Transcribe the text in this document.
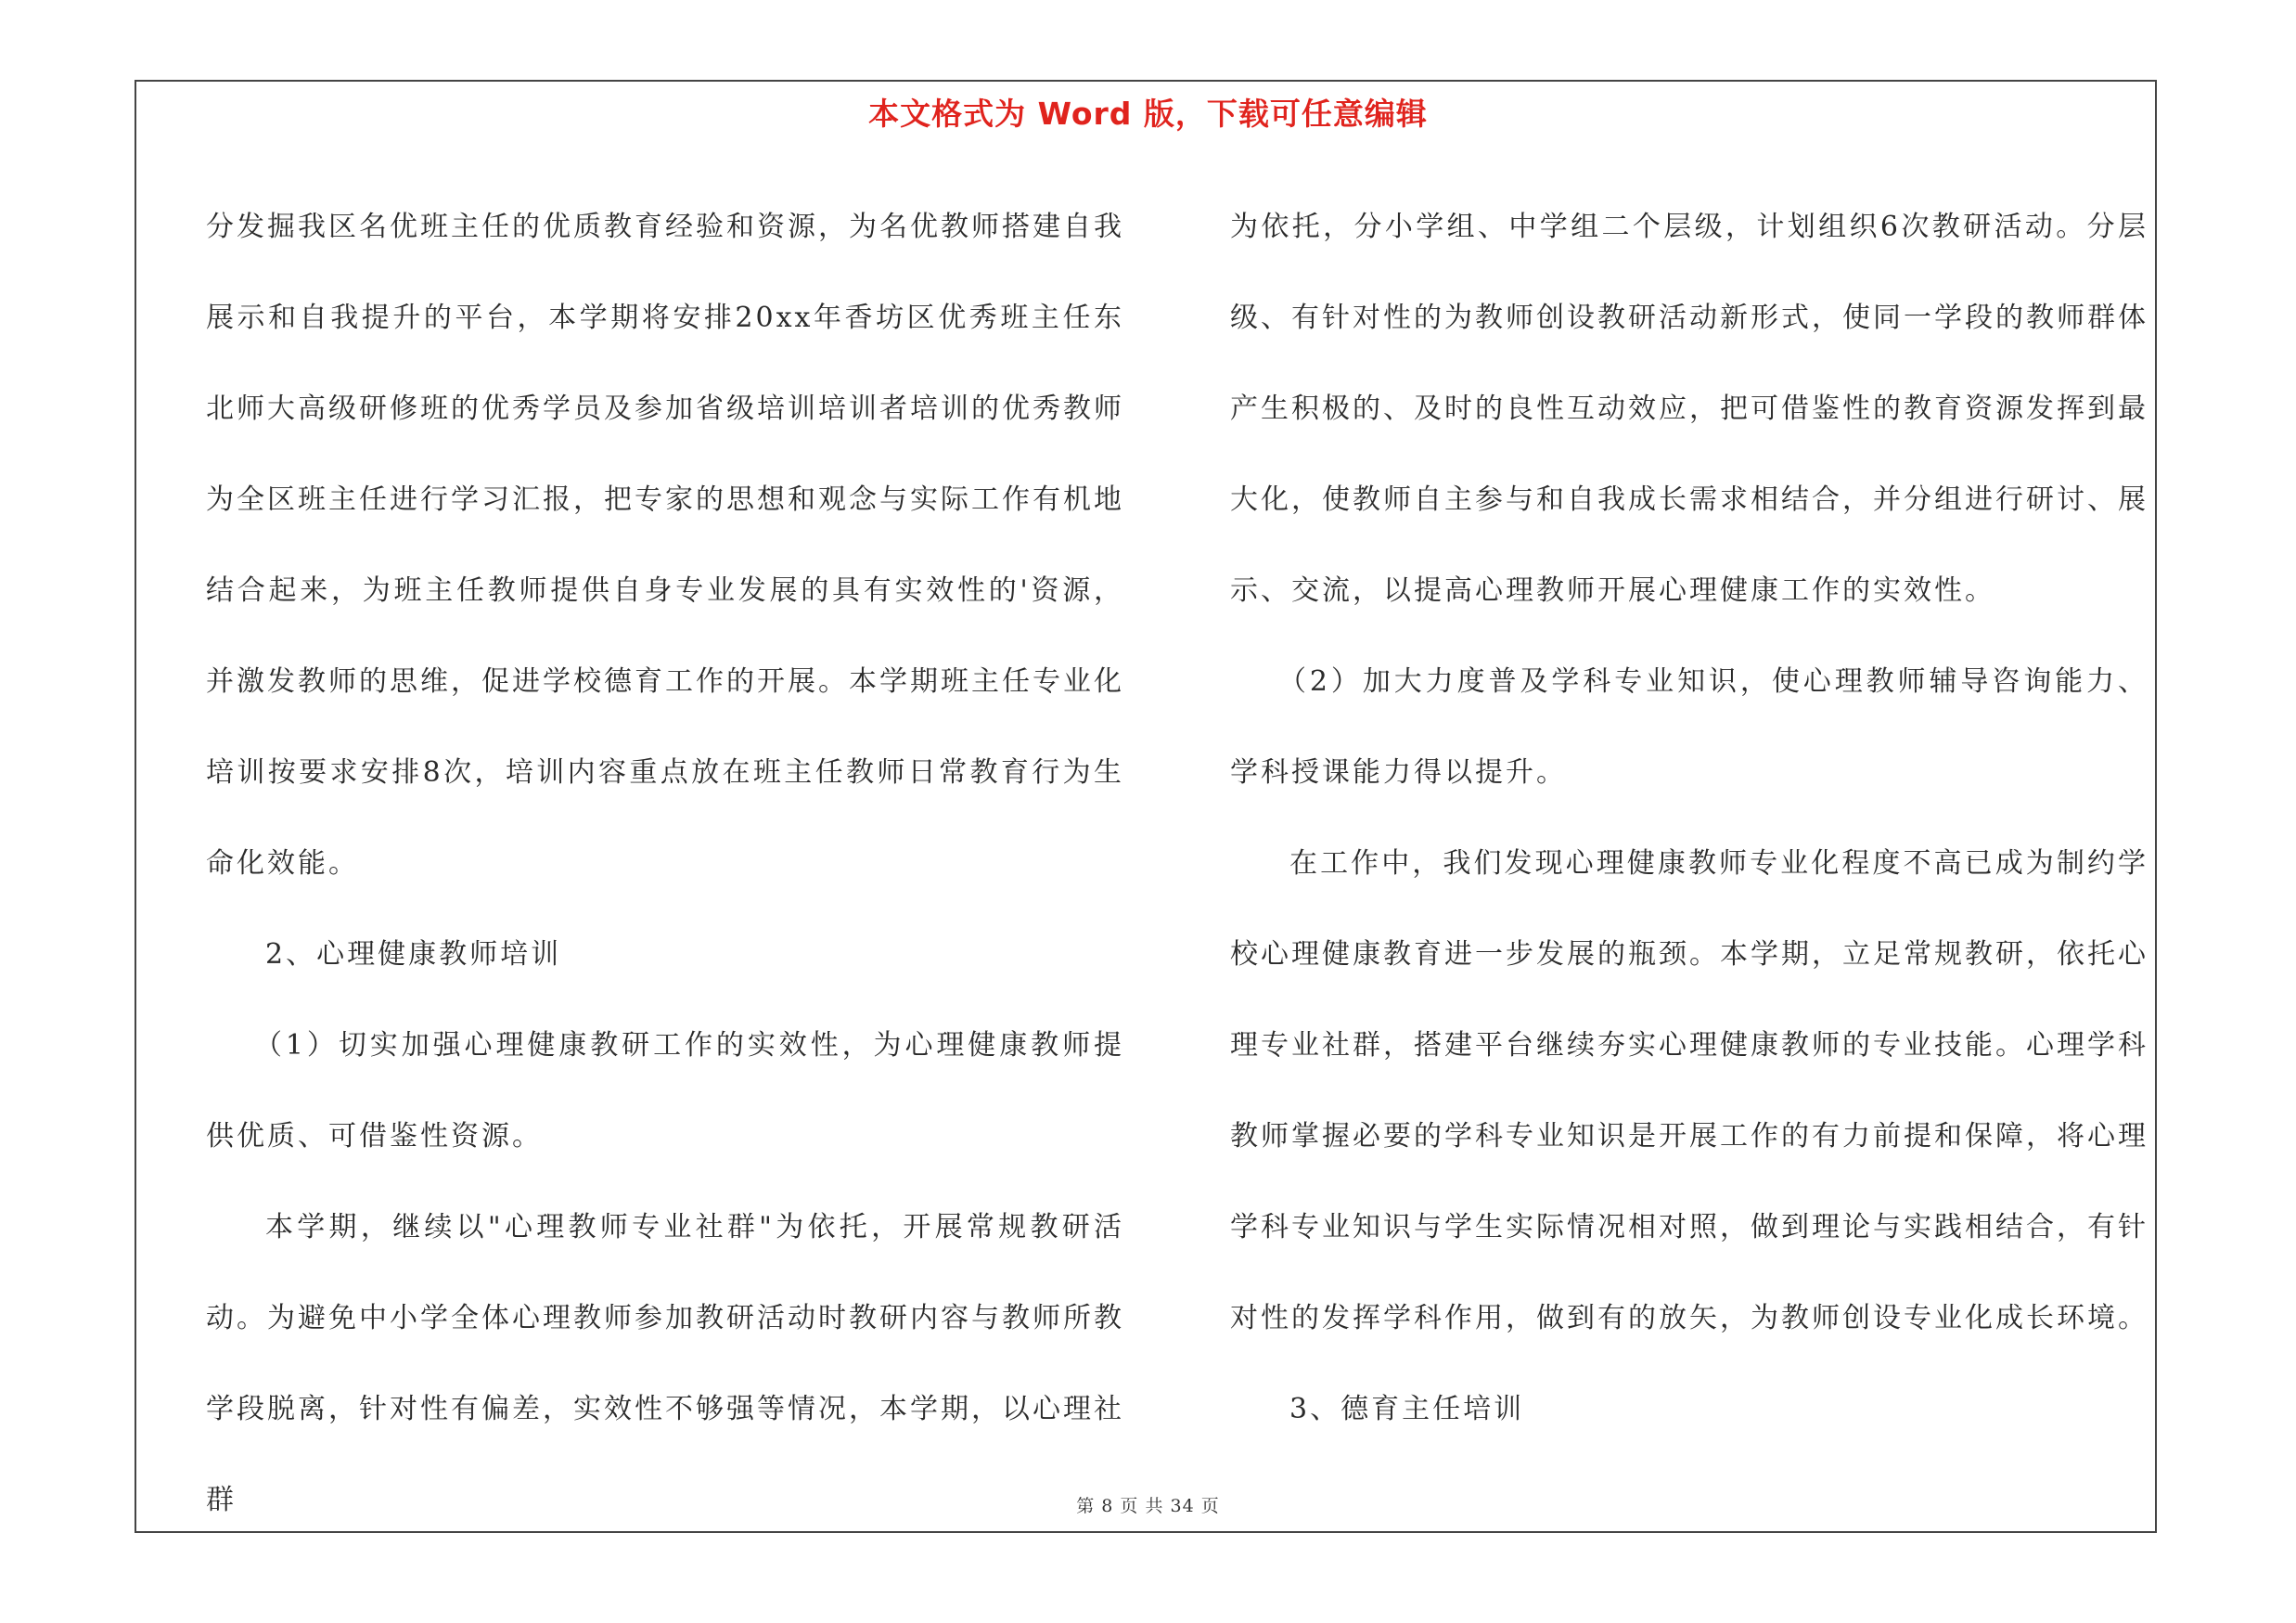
本文格式为 Word 版，下载可任意编辑

分发掘我区名优班主任的优质教育经验和资源，为名优教师搭建自我展示和自我提升的平台，本学期将安排20xx年香坊区优秀班主任东北师大高级研修班的优秀学员及参加省级培训培训者培训的优秀教师为全区班主任进行学习汇报，把专家的思想和观念与实际工作有机地结合起来，为班主任教师提供自身专业发展的具有实效性的'资源，并激发教师的思维，促进学校德育工作的开展。本学期班主任专业化培训按要求安排8次，培训内容重点放在班主任教师日常教育行为生命化效能。

2、心理健康教师培训

（1）切实加强心理健康教研工作的实效性，为心理健康教师提供优质、可借鉴性资源。

本学期，继续以"心理教师专业社群"为依托，开展常规教研活动。为避免中小学全体心理教师参加教研活动时教研内容与教师所教学段脱离，针对性有偏差，实效性不够强等情况，本学期，以心理社群

为依托，分小学组、中学组二个层级，计划组织6次教研活动。分层级、有针对性的为教师创设教研活动新形式，使同一学段的教师群体产生积极的、及时的良性互动效应，把可借鉴性的教育资源发挥到最大化，使教师自主参与和自我成长需求相结合，并分组进行研讨、展示、交流，以提高心理教师开展心理健康工作的实效性。

（2）加大力度普及学科专业知识，使心理教师辅导咨询能力、学科授课能力得以提升。

在工作中，我们发现心理健康教师专业化程度不高已成为制约学校心理健康教育进一步发展的瓶颈。本学期，立足常规教研，依托心理专业社群，搭建平台继续夯实心理健康教师的专业技能。心理学科教师掌握必要的学科专业知识是开展工作的有力前提和保障，将心理学科专业知识与学生实际情况相对照，做到理论与实践相结合，有针对性的发挥学科作用，做到有的放矢，为教师创设专业化成长环境。

3、德育主任培训

第 8 页 共 34 页
